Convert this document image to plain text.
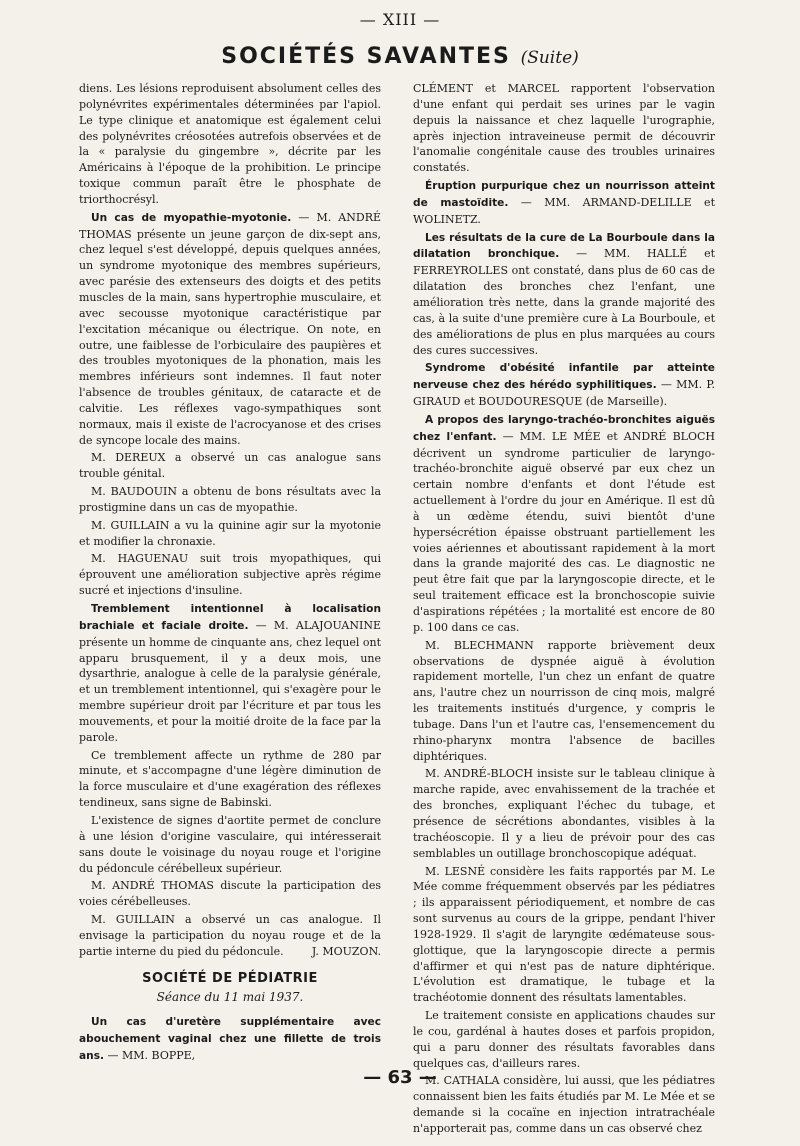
— XIII —
SOCIÉTÉS SAVANTES (Suite)

diens. Les lésions reproduisent absolument celles des polynévrites expérimentales déterminées par l'apiol. Le type clinique et anatomique est également celui des polynévrites créosotées autrefois observées et de la « paralysie du gingembre », décrite par les Américains à l'époque de la prohibition. Le principe toxique commun paraît être le phosphate de triorthocrésyl.

Un cas de myopathie-myotonie. — M. ANDRÉ THOMAS présente un jeune garçon de dix-sept ans, chez lequel s'est développé, depuis quelques années, un syndrome myotonique des membres supérieurs, avec parésie des extenseurs des doigts et des petits muscles de la main, sans hypertrophie musculaire, et avec secousse myotonique caractéristique par l'excitation mécanique ou électrique. On note, en outre, une faiblesse de l'orbiculaire des paupières et des troubles myotoniques de la phonation, mais les membres inférieurs sont indemnes. Il faut noter l'absence de troubles génitaux, de cataracte et de calvitie. Les réflexes vago-sympathiques sont normaux, mais il existe de l'acrocyanose et des crises de syncope locale des mains.

M. DEREUX a observé un cas analogue sans trouble génital.

M. BAUDOUIN a obtenu de bons résultats avec la prostigmine dans un cas de myopathie.

M. GUILLAIN a vu la quinine agir sur la myotonie et modifier la chronaxie.

M. HAGUENAU suit trois myopathiques, qui éprouvent une amélioration subjective après régime sucré et injections d'insuline.

Tremblement intentionnel à localisation brachiale et faciale droite. — M. ALAJOUANINE présente un homme de cinquante ans, chez lequel ont apparu brusquement, il y a deux mois, une dysarthrie, analogue à celle de la paralysie générale, et un tremblement intentionnel, qui s'exagère pour le membre supérieur droit par l'écriture et par tous les mouvements, et pour la moitié droite de la face par la parole.

Ce tremblement affecte un rythme de 280 par minute, et s'accompagne d'une légère diminution de la force musculaire et d'une exagération des réflexes tendineux, sans signe de Babinski.

L'existence de signes d'aortite permet de conclure à une lésion d'origine vasculaire, qui intéresserait sans doute le voisinage du noyau rouge et l'origine du pédoncule cérébelleux supérieur.

M. ANDRÉ THOMAS discute la participation des voies cérébelleuses.

M. GUILLAIN a observé un cas analogue. Il envisage la participation du noyau rouge et de la partie interne du pied du pédoncule.	J. MOUZON.

SOCIÉTÉ DE PÉDIATRIE
Séance du 11 mai 1937.

Un cas d'uretère supplémentaire avec abouchement vaginal chez une fillette de trois ans. — MM. BOPPE,

CLÉMENT et MARCEL rapportent l'observation d'une enfant qui perdait ses urines par le vagin depuis la naissance et chez laquelle l'urographie, après injection intraveineuse permit de découvrir l'anomalie congénitale cause des troubles urinaires constatés.

Éruption purpurique chez un nourrisson atteint de mastoïdite. — MM. ARMAND-DELILLE et WOLINETZ.

Les résultats de la cure de La Bourboule dans la dilatation bronchique. — MM. HALLÉ et FERREYROLLES ont constaté, dans plus de 60 cas de dilatation des bronches chez l'enfant, une amélioration très nette, dans la grande majorité des cas, à la suite d'une première cure à La Bourboule, et des améliorations de plus en plus marquées au cours des cures successives.

Syndrome d'obésité infantile par atteinte nerveuse chez des hérédo syphilitiques. — MM. P. GIRAUD et BOUDOURESQUE (de Marseille).

A propos des laryngo-trachéo-bronchites aiguës chez l'enfant. — MM. LE MÉE et ANDRÉ BLOCH décrivent un syndrome particulier de laryngo-trachéo-bronchite aiguë observé par eux chez un certain nombre d'enfants et dont l'étude est actuellement à l'ordre du jour en Amérique. Il est dû à un œdème étendu, suivi bientôt d'une hypersécrétion épaisse obstruant partiellement les voies aériennes et aboutissant rapidement à la mort dans la grande majorité des cas. Le diagnostic ne peut être fait que par la laryngoscopie directe, et le seul traitement efficace est la bronchoscopie suivie d'aspirations répétées ; la mortalité est encore de 80 p. 100 dans ce cas.

M. BLECHMANN rapporte brièvement deux observations de dyspnée aiguë à évolution rapidement mortelle, l'un chez un enfant de quatre ans, l'autre chez un nourrisson de cinq mois, malgré les traitements institués d'urgence, y compris le tubage. Dans l'un et l'autre cas, l'ensemencement du rhino-pharynx montra l'absence de bacilles diphtériques.

M. ANDRÉ-BLOCH insiste sur le tableau clinique à marche rapide, avec envahissement de la trachée et des bronches, expliquant l'échec du tubage, et présence de sécrétions abondantes, visibles à la trachéoscopie. Il y a lieu de prévoir pour des cas semblables un outillage bronchoscopique adéquat.

M. LESNÉ considère les faits rapportés par M. Le Mée comme fréquemment observés par les pédiatres ; ils apparaissent périodiquement, et nombre de cas sont survenus au cours de la grippe, pendant l'hiver 1928-1929. Il s'agit de laryngite œdémateuse sous-glottique, que la laryngoscopie directe a permis d'affirmer et qui n'est pas de nature diphtérique. L'évolution est dramatique, le tubage et la trachéotomie donnent des résultats lamentables.

Le traitement consiste en applications chaudes sur le cou, gardénal à hautes doses et parfois propidon, qui a paru donner des résultats favorables dans quelques cas, d'ailleurs rares.

M. CATHALA considère, lui aussi, que les pédiatres connaissent bien les faits étudiés par M. Le Mée et se demande si la cocaïne en injection intratrachéale n'apporterait pas, comme dans un cas observé chez

— 63 —
